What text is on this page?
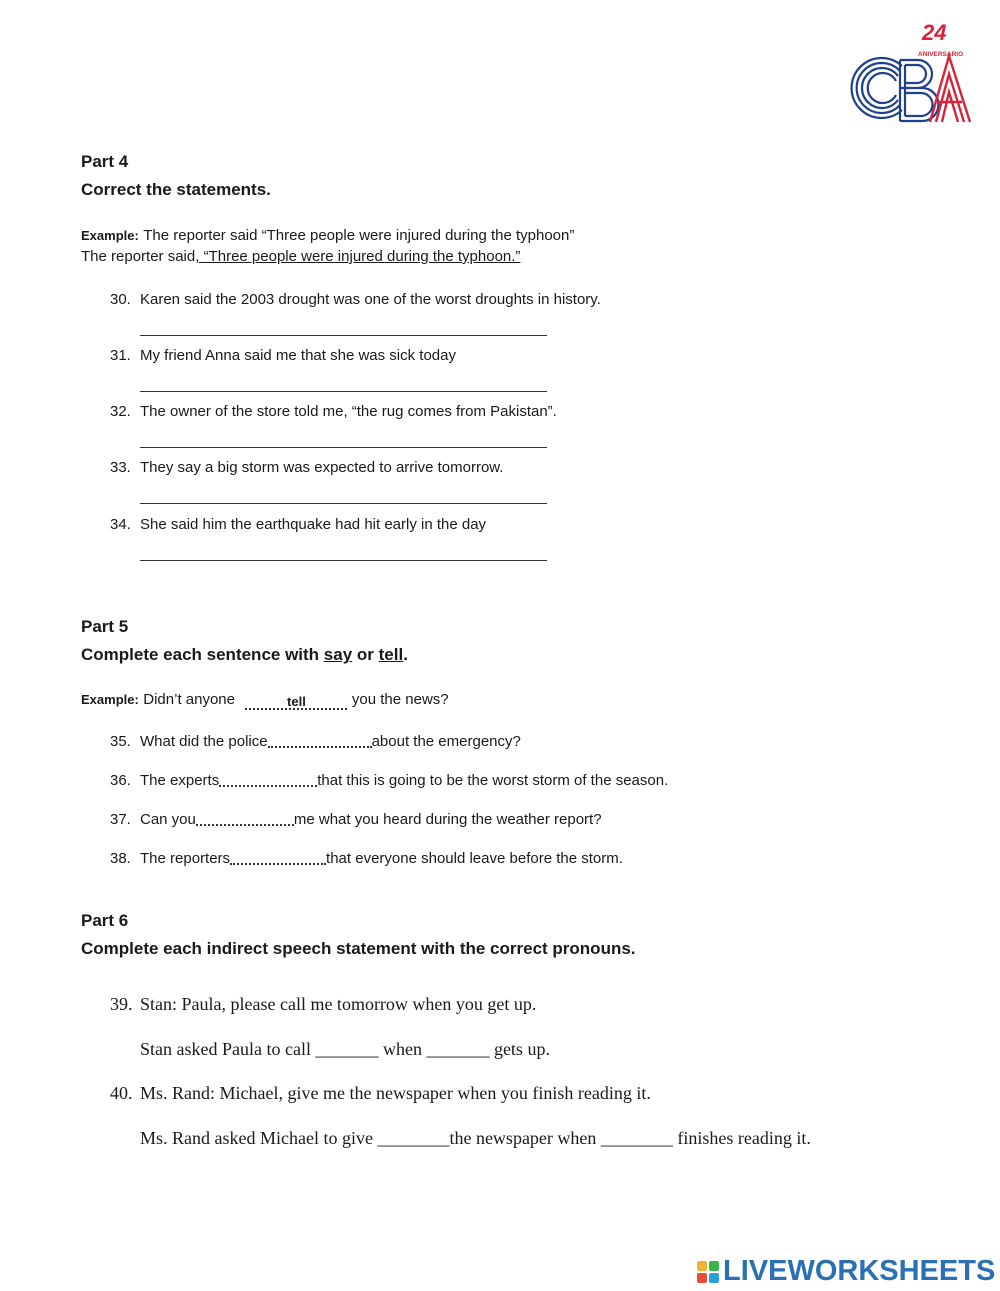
24
ANIVERSARIO
Part 4
Correct the statements.
Example: The reporter said “Three people were injured during the typhoon”
The reporter said, “Three people were injured during the typhoon.”
30. Karen said the 2003 drought was one of the worst droughts in history.
31. My friend Anna said me that she was sick today
32. The owner of the store told me, “the rug comes from Pakistan”.
33. They say a big storm was expected to arrive tomorrow.
34. She said him the earthquake had hit early in the day
Part 5
Complete each sentence with say or tell.
Example: Didn’t anyone	tell	you the news?
35. What did the police	about the emergency?
36. The experts	that this is going to be the worst storm of the season.
37. Can you	me what you heard during the weather report?
38. The reporters	that everyone should leave before the storm.
Part 6
Complete each indirect speech statement with the correct pronouns.
39. Stan: Paula, please call me tomorrow when you get up.
Stan asked Paula to call _______ when _______ gets up.
40. Ms. Rand: Michael, give me the newspaper when you finish reading it.
Ms. Rand asked Michael to give ________the newspaper when ________ finishes reading it.
LIVEWORKSHEETS
